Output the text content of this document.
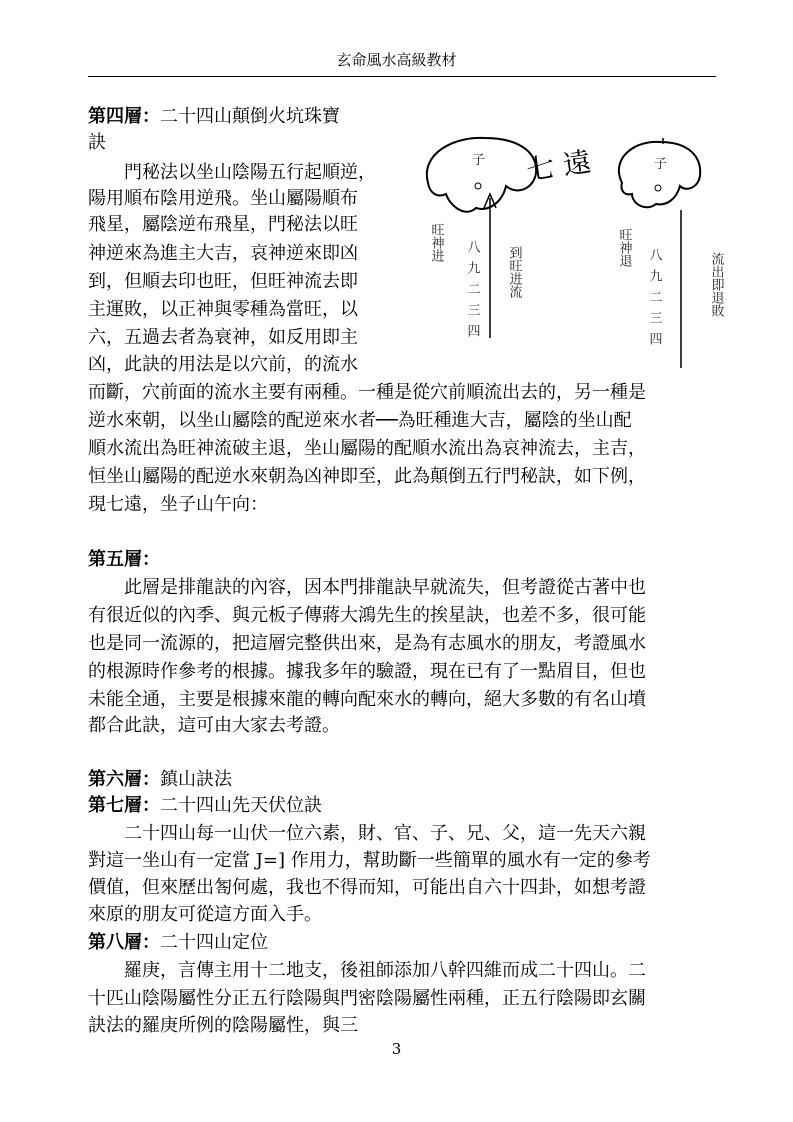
玄命風水高級教材
第四層：二十四山顛倒火坑珠寶
訣
　　門秘法以坐山陰陽五行起順逆，
陽用順布陰用逆飛。坐山屬陽順布
飛星，屬陰逆布飛星，門秘法以旺
神逆來為進主大吉，哀神逆來即凶
到，但順去印也旺，但旺神流去即
主運敗，以正神與零種為當旺，以
六，五過去者為衰神，如反用即主
凶，此訣的用法是以穴前，的流水
而斷，穴前面的流水主要有兩種。一種是從穴前順流出去的，另一種是
逆水來朝，以坐山屬陰的配逆來水者──為旺種進大吉，屬陰的坐山配
順水流出為旺神流破主退，坐山屬陽的配順水流出為哀神流去，主吉，
恒坐山屬陽的配逆水來朝為凶神即至，此為顛倒五行門秘訣，如下例，
現七遠，坐子山午向：
子 七 遠
旺神进
到旺进流
八九二三四
子
旺神退
八九二三四	流出即退敗
第五層：
　　此層是排龍訣的內容，因本門排龍訣早就流失，但考證從古著中也
有很近似的內季、與元板子傳蔣大鴻先生的挨星訣，也差不多，很可能
也是同一流源的，把這層完整供出來，是為有志風水的朋友，考證風水
的根源時作參考的根據。據我多年的驗證，現在已有了一點眉目，但也
未能全通，主要是根據來龍的轉向配來水的轉向，絕大多數的有名山墳
都合此訣，這可由大家去考證。
第六層：鎮山訣法
第七層：二十四山先天伏位訣
　　二十四山每一山伏一位六素，財、官、子、兄、父，這一先天六親
對這一坐山有一定當 J=] 作用力，幫助斷一些簡單的風水有一定的參考
價值，但來歷出匒何處，我也不得而知，可能出自六十四卦，如想考證
來原的朋友可從這方面入手。
第八層：二十四山定位
　　羅庚，言傳主用十二地支，後祖師添加八幹四維而成二十四山。二
十匹山陰陽屬性分正五行陰陽與門密陰陽屬性兩種，正五行陰陽即玄關
訣法的羅庚所例的陰陽屬性，與三
3
